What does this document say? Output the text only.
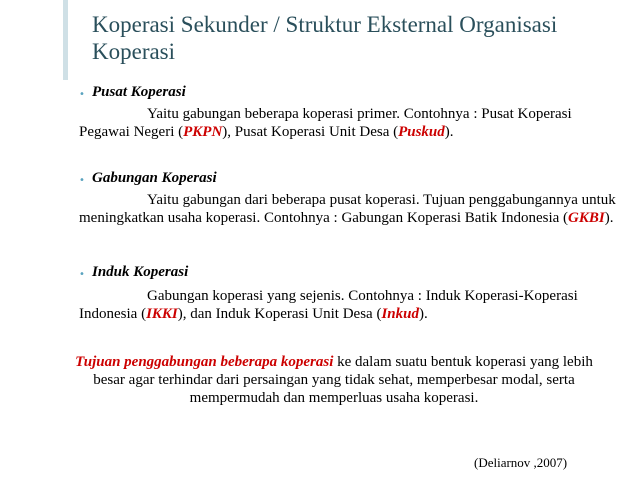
Koperasi Sekunder / Struktur Eksternal Organisasi Koperasi
• Pusat Koperasi
Yaitu gabungan beberapa koperasi primer. Contohnya : Pusat Koperasi Pegawai Negeri (PKPN), Pusat Koperasi Unit Desa (Puskud).
• Gabungan Koperasi
Yaitu gabungan dari beberapa pusat koperasi. Tujuan penggabungannya untuk meningkatkan usaha koperasi. Contohnya : Gabungan Koperasi Batik Indonesia (GKBI).
• Induk Koperasi
Gabungan koperasi yang sejenis. Contohnya : Induk Koperasi-Koperasi Indonesia (IKKI), dan Induk Koperasi Unit Desa (Inkud).
Tujuan penggabungan beberapa koperasi ke dalam suatu bentuk koperasi yang lebih besar agar terhindar dari persaingan yang tidak sehat, memperbesar modal, serta mempermudah dan memperluas usaha koperasi.
(Deliarnov ,2007)
